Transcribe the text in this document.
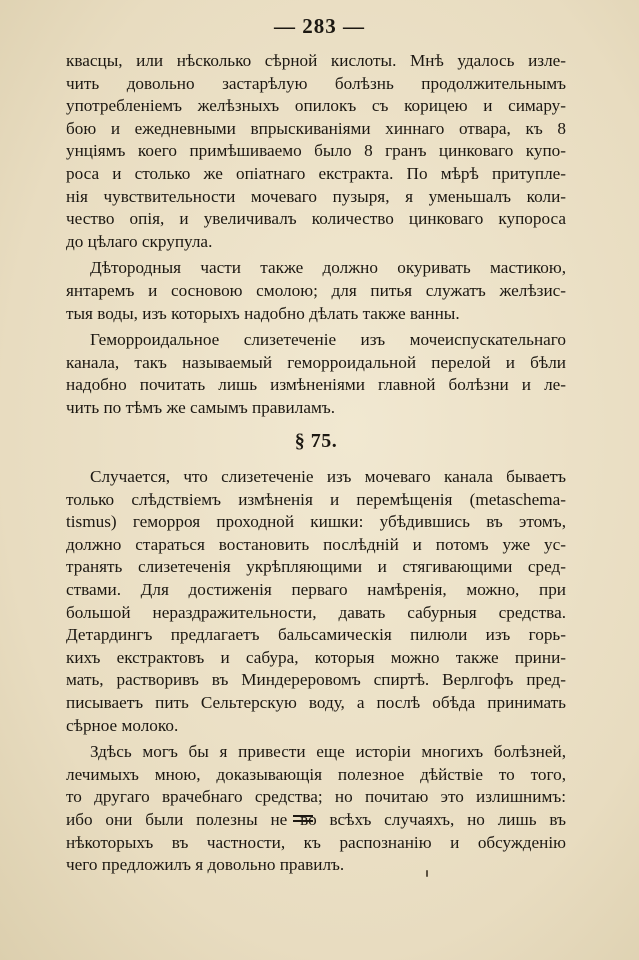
— 283 —
квасцы, или нѣсколько сѣрной кислоты. Мнѣ удалось изле-
чить довольно застарѣлую болѣзнь продолжительнымъ
употребленіемъ желѣзныхъ опилокъ съ корицею и симару-
бою и ежедневными впрыскиваніями хиннаго отвара, къ 8
унціямъ коего примѣшиваемо было 8 гранъ цинковаго купо-
роса и столько же опіатнаго екстракта. По мѣрѣ притупле-
нія чувствительности мочеваго пузыря, я уменьшалъ коли-
чество опія, и увеличивалъ количество цинковаго купороса
до цѣлаго скрупула.
Дѣтородныя части также должно окуривать мастикою,
янтаремъ и сосновою смолою; для питья служатъ желѣзис-
тыя воды, изъ которыхъ надобно дѣлать также ванны.
Геморроидальное слизетеченіе изъ мочеиспускательнаго
канала, такъ называемый геморроидальной перелой и бѣли
надобно почитать лишь измѣненіями главной болѣзни и ле-
чить по тѣмъ же самымъ правиламъ.
§ 75.
Случается, что слизетеченіе изъ мочеваго канала бываетъ
только слѣдствіемъ измѣненія и перемѣщенія (metaschema-
tismus) геморроя проходной кишки: убѣдившись въ этомъ,
должно стараться востановить послѣдній и потомъ уже ус-
транять слизетеченія укрѣпляющими и стягивающими сред-
ствами. Для достиженія перваго намѣренія, можно, при
большой нераздражительности, давать сабурныя средства.
Детардингъ предлагаетъ бальсамическія пилюли изъ горь-
кихъ екстрактовъ и сабура, которыя можно также прини-
мать, растворивъ въ Миндереровомъ спиртѣ. Верлгофъ пред-
писываетъ пить Сельтерскую воду, а послѣ обѣда принимать
сѣрное молоко.
Здѣсь могъ бы я привести еще исторіи многихъ болѣзней,
лечимыхъ мною, доказывающія полезное дѣйствіе то того,
то другаго врачебнаго средства; но почитаю это излишнимъ:
ибо они были полезны не во всѣхъ случаяхъ, но лишь въ
нѣкоторыхъ въ частности, къ распознанію и обсужденію
чего предложилъ я довольно правилъ.
